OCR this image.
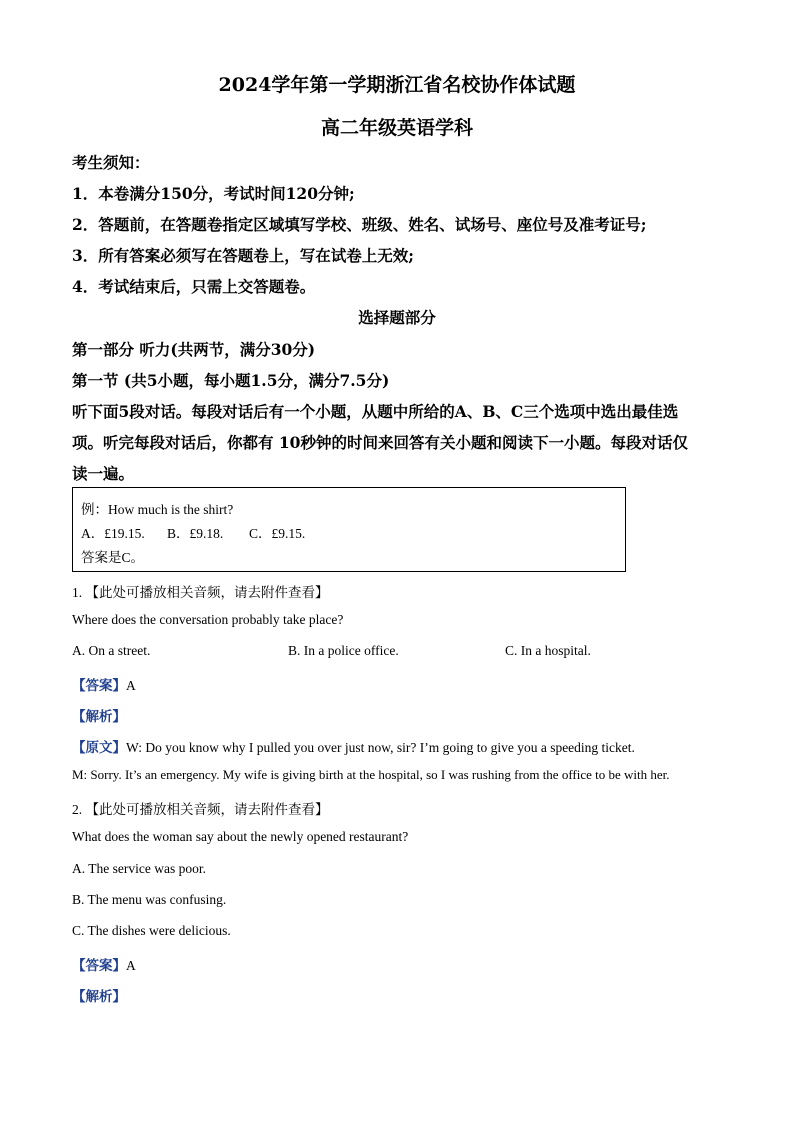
2024学年第一学期浙江省名校协作体试题
高二年级英语学科
考生须知：
1．本卷满分150分，考试时间120分钟;
2．答题前，在答题卷指定区域填写学校、班级、姓名、试场号、座位号及准考证号;
3．所有答案必须写在答题卷上，写在试卷上无效;
4．考试结束后，只需上交答题卷。
选择题部分
第一部分 听力(共两节，满分30分)
第一节 (共5小题，每小题1.5分，满分7.5分)
听下面5段对话。每段对话后有一个小题，从题中所给的A、B、C三个选项中选出最佳选
项。听完每段对话后，你都有 10秒钟的时间来回答有关小题和阅读下一小题。每段对话仅
读一遍。
例：How much is the shirt?
A．£19.15. B．£9.18. C．£9.15.
答案是C。
1. 【此处可播放相关音频，请去附件查看】
Where does the conversation probably take place?
A. On a street.	B. In a police office.	C. In a hospital.
【答案】A
【解析】
【原文】W: Do you know why I pulled you over just now, sir? I’m going to give you a speeding ticket.
M: Sorry. It’s an emergency. My wife is giving birth at the hospital, so I was rushing from the office to be with her.
2. 【此处可播放相关音频，请去附件查看】
What does the woman say about the newly opened restaurant?
A. The service was poor.
B. The menu was confusing.
C. The dishes were delicious.
【答案】A
【解析】
